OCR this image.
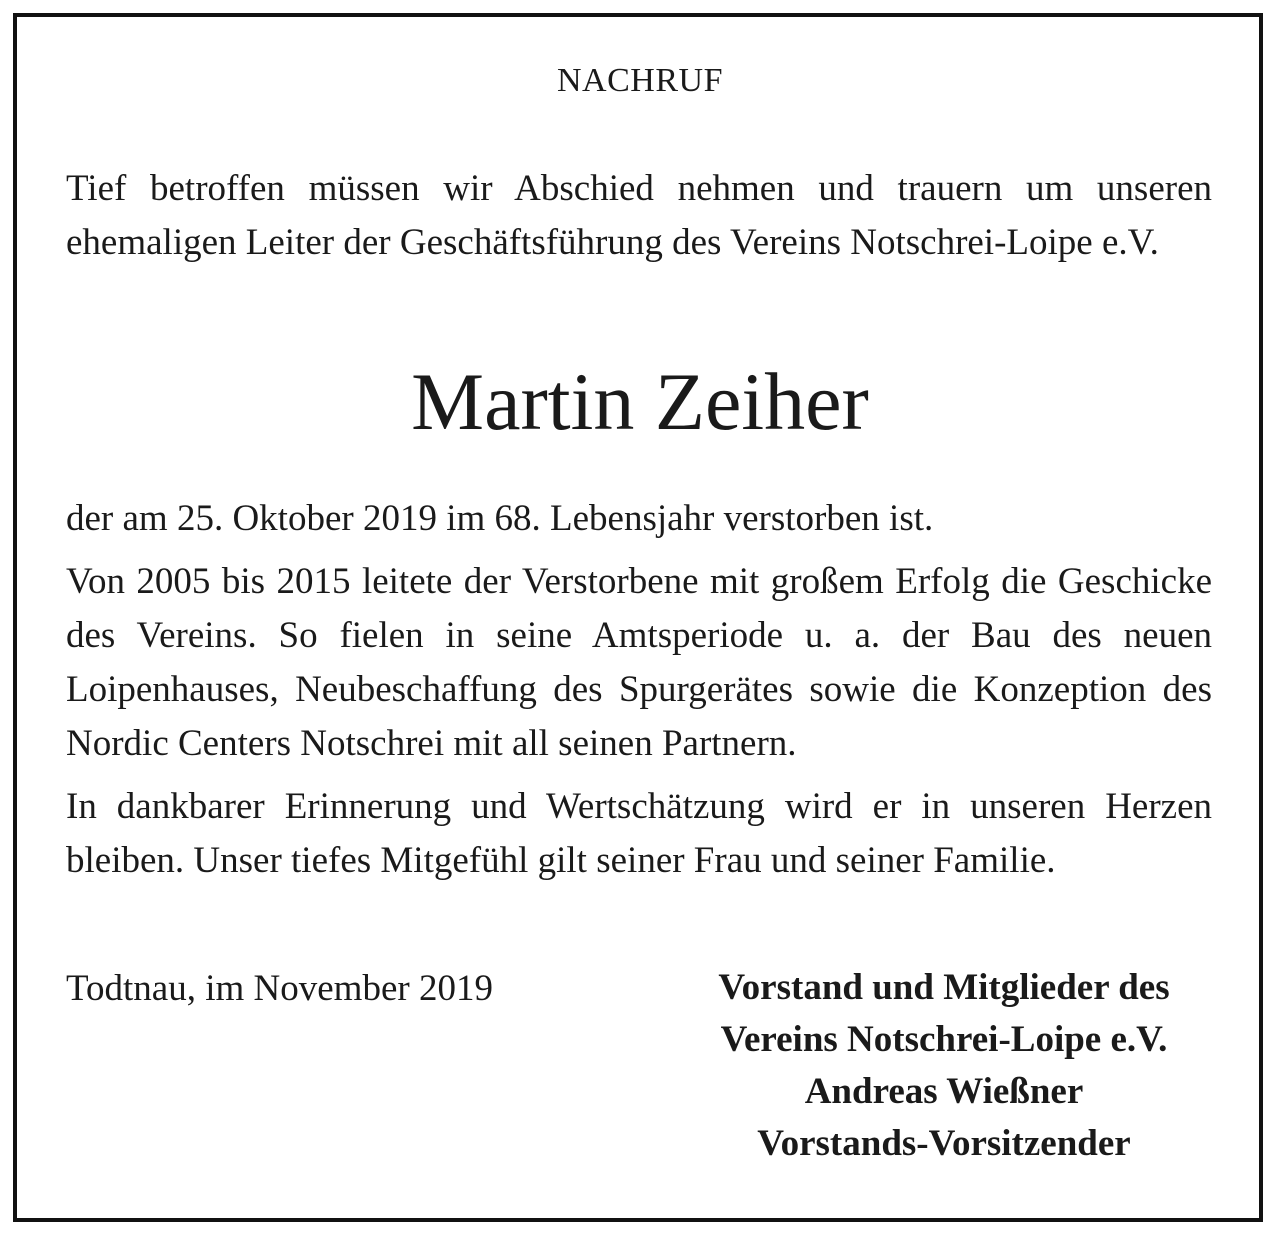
NACHRUF

Tief betroffen müssen wir Abschied nehmen und trauern um unseren ehemaligen Leiter der Geschäftsführung des Vereins Notschrei-Loipe e.V.

Martin Zeiher

der am 25. Oktober 2019 im 68. Lebensjahr verstorben ist.

Von 2005 bis 2015 leitete der Verstorbene mit großem Erfolg die Geschicke des Vereins. So fielen in seine Amtsperiode u. a. der Bau des neuen Loipenhauses, Neubeschaffung des Spurgerätes sowie die Konzeption des Nordic Centers Notschrei mit all seinen Partnern.

In dankbarer Erinnerung und Wertschätzung wird er in unseren Herzen bleiben. Unser tiefes Mitgefühl gilt seiner Frau und seiner Familie.

Todtnau, im November 2019	Vorstand und Mitglieder des
Vereins Notschrei-Loipe e.V.
Andreas Wießner
Vorstands-Vorsitzender
